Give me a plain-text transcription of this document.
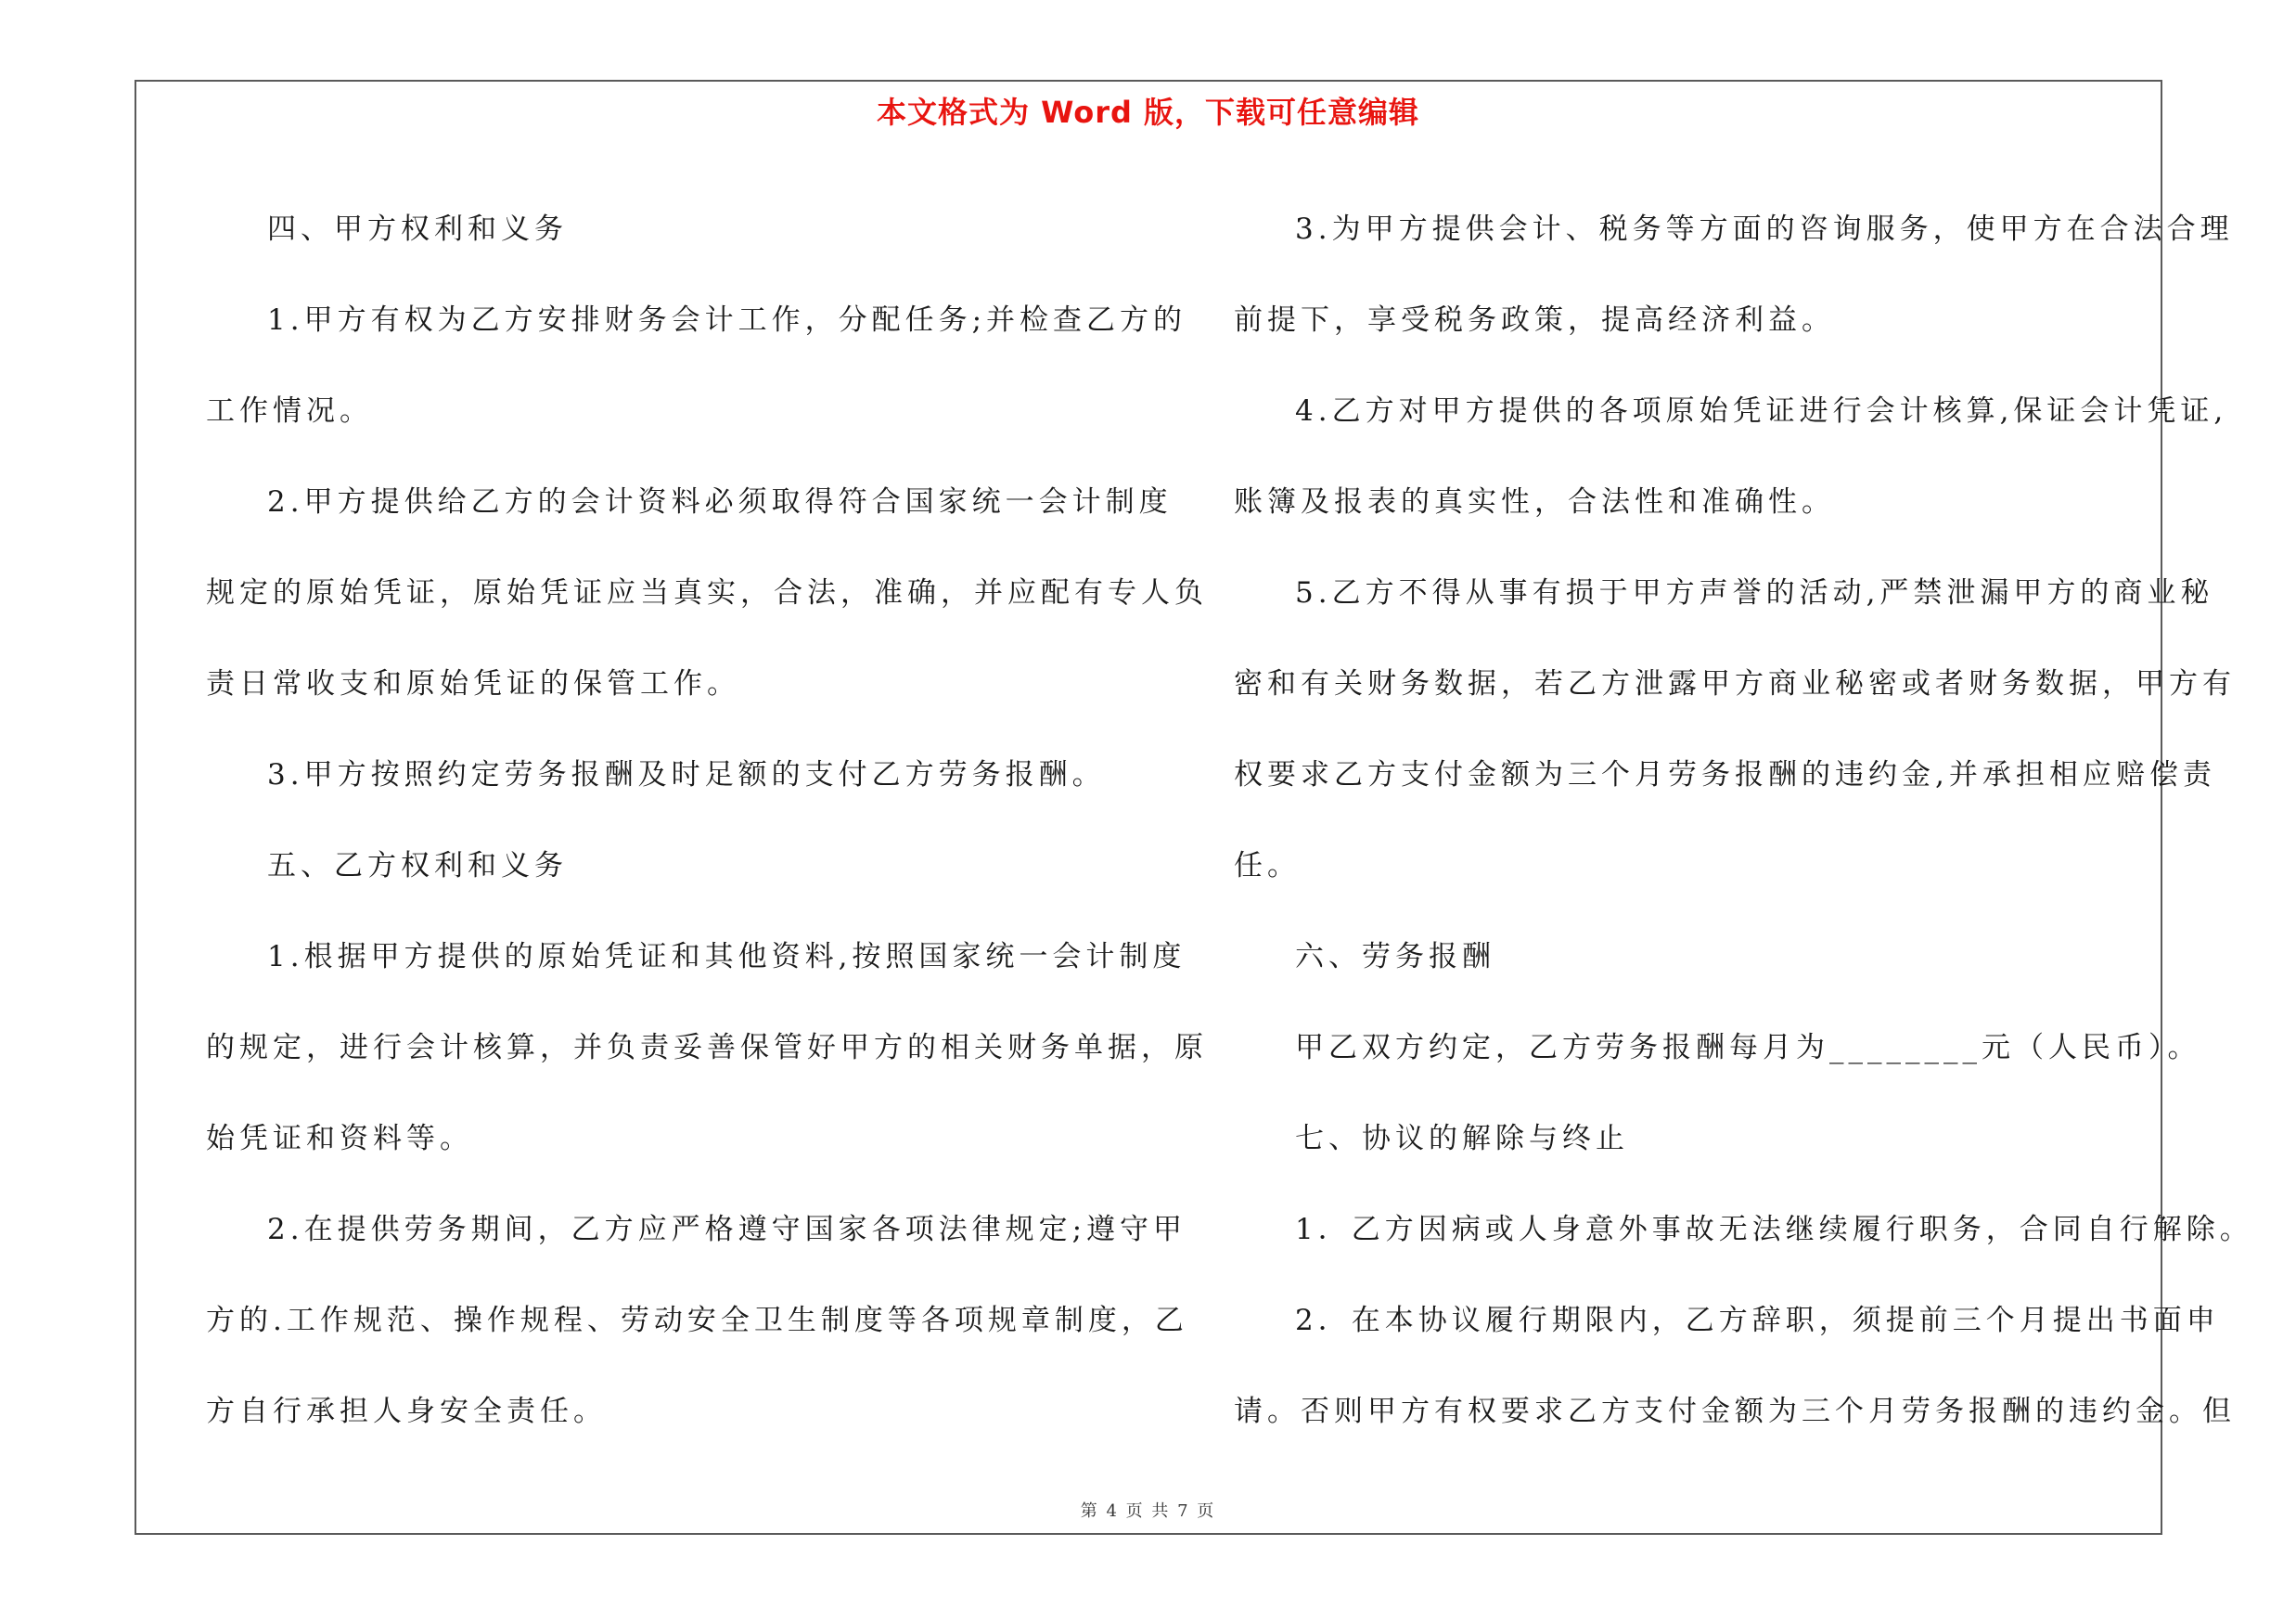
本文格式为 Word 版，下载可任意编辑

四、甲方权利和义务

1.甲方有权为乙方安排财务会计工作，分配任务;并检查乙方的

工作情况。

2.甲方提供给乙方的会计资料必须取得符合国家统一会计制度

规定的原始凭证，原始凭证应当真实，合法，准确，并应配有专人负

责日常收支和原始凭证的保管工作。

3.甲方按照约定劳务报酬及时足额的支付乙方劳务报酬。

五、乙方权利和义务

1.根据甲方提供的原始凭证和其他资料,按照国家统一会计制度

的规定，进行会计核算，并负责妥善保管好甲方的相关财务单据，原

始凭证和资料等。

2.在提供劳务期间，乙方应严格遵守国家各项法律规定;遵守甲

方的.工作规范、操作规程、劳动安全卫生制度等各项规章制度，乙

方自行承担人身安全责任。

3.为甲方提供会计、税务等方面的咨询服务，使甲方在合法合理

前提下，享受税务政策，提高经济利益。

4.乙方对甲方提供的各项原始凭证进行会计核算,保证会计凭证,

账簿及报表的真实性，合法性和准确性。

5.乙方不得从事有损于甲方声誉的活动,严禁泄漏甲方的商业秘

密和有关财务数据，若乙方泄露甲方商业秘密或者财务数据，甲方有

权要求乙方支付金额为三个月劳务报酬的违约金,并承担相应赔偿责

任。

六、劳务报酬

甲乙双方约定，乙方劳务报酬每月为________元（人民币）。

七、协议的解除与终止

1．乙方因病或人身意外事故无法继续履行职务，合同自行解除。

2．在本协议履行期限内，乙方辞职，须提前三个月提出书面申

请。否则甲方有权要求乙方支付金额为三个月劳务报酬的违约金。但

第 4 页 共 7 页
